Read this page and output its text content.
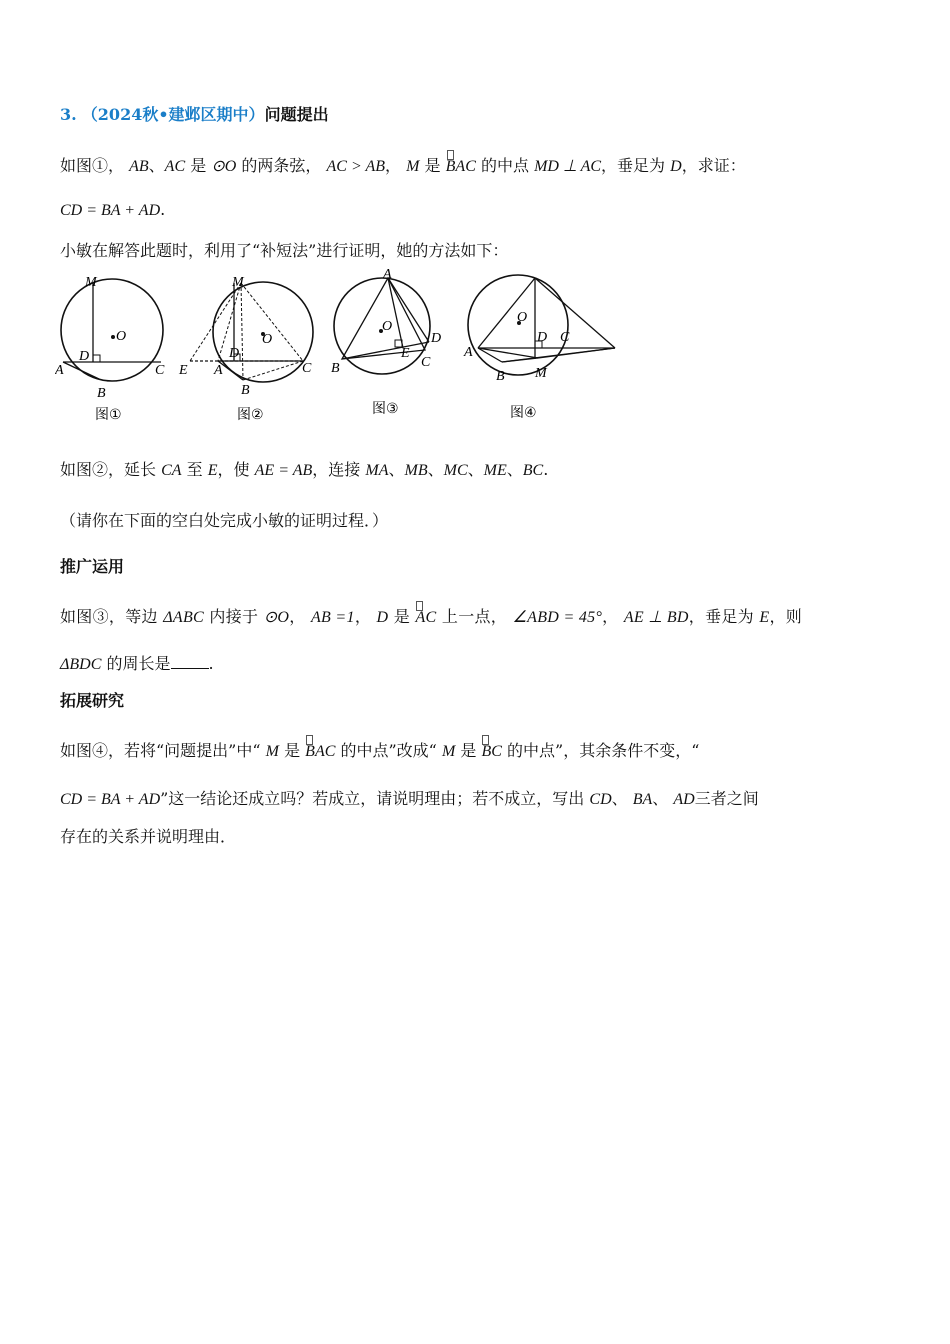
3. （2024秋•建邺区期中）问题提出
如图①， AB、AC 是 ⊙O 的两条弦， AC > AB， M 是 BAC 的中点 MD ⊥ AC，垂足为 D，求证：
CD = BA + AD.
小敏在解答此题时，利用了“补短法”进行证明，她的方法如下：
M
O
D
A	C
B
图①
M
O
D
E A
B
C
图②
A
O
D
E
B	C
图③
O
D C
A
B M
图④
如图②，延长 CA 至 E，使 AE = AB，连接 MA、MB、MC、ME、BC.
（请你在下面的空白处完成小敏的证明过程．）
推广运用
如图③，等边 ΔABC 内接于 ⊙O， AB =1， D 是 AC 上一点， ∠ABD = 45°， AE ⊥ BD，垂足为 E，则
ΔBDC 的周长是 .
拓展研究
如图④，若将“问题提出”中“ M 是 BAC 的中点”改成“ M 是 BC 的中点”，其余条件不变，“
CD = BA + AD”这一结论还成立吗？若成立，请说明理由；若不成立，写出 CD、 BA、 AD三者之间
存在的关系并说明理由．
